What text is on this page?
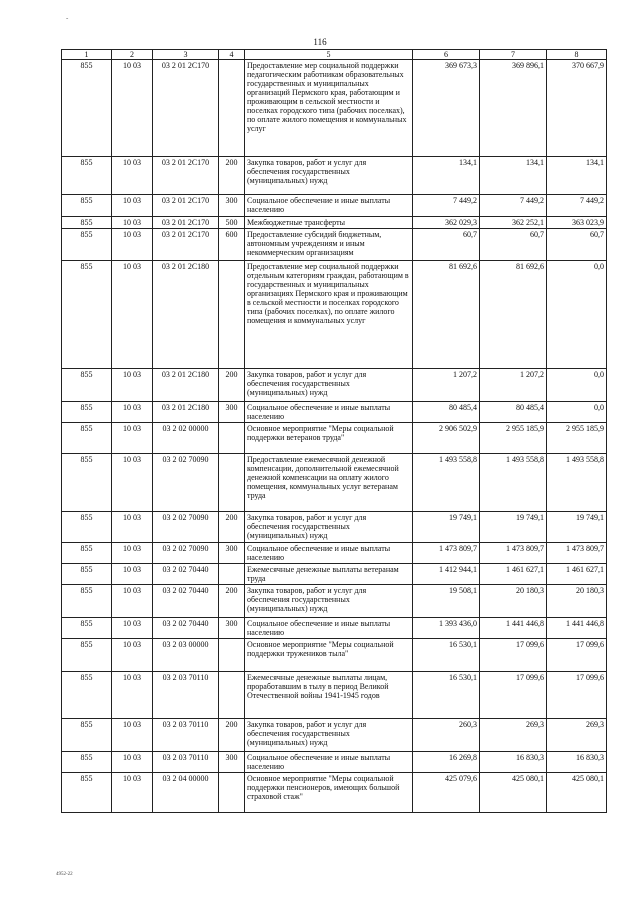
-
116
1	2	3	4	5	6	7	8
855	10 03	03 2 01 2С170		Предоставление мер социальной поддержки педагогическим работникам образовательных государственных и муниципальных организаций Пермского края, работающим и проживающим в сельской местности и поселках городского типа (рабочих поселках), по оплате жилого помещения и коммунальных услуг	369 673,3	369 896,1	370 667,9
855	10 03	03 2 01 2С170	200	Закупка товаров, работ и услуг для обеспечения государственных (муниципальных) нужд	134,1	134,1	134,1
855	10 03	03 2 01 2С170	300	Социальное обеспечение и иные выплаты населению	7 449,2	7 449,2	7 449,2
855	10 03	03 2 01 2С170	500	Межбюджетные трансферты	362 029,3	362 252,1	363 023,9
855	10 03	03 2 01 2С170	600	Предоставление субсидий бюджетным, автономным учреждениям и иным некоммерческим организациям	60,7	60,7	60,7
855	10 03	03 2 01 2С180		Предоставление мер социальной поддержки отдельным категориям граждан, работающим в государственных и муниципальных организациях Пермского края и проживающим в сельской местности и поселках городского типа (рабочих поселках), по оплате жилого помещения и коммунальных услуг	81 692,6	81 692,6	0,0
855	10 03	03 2 01 2С180	200	Закупка товаров, работ и услуг для обеспечения государственных (муниципальных) нужд	1 207,2	1 207,2	0,0
855	10 03	03 2 01 2С180	300	Социальное обеспечение и иные выплаты населению	80 485,4	80 485,4	0,0
855	10 03	03 2 02 00000		Основное мероприятие "Меры социальной поддержки ветеранов труда"	2 906 502,9	2 955 185,9	2 955 185,9
855	10 03	03 2 02 70090		Предоставление ежемесячной денежной компенсации, дополнительной ежемесячной денежной компенсации на оплату жилого помещения, коммунальных услуг ветеранам труда	1 493 558,8	1 493 558,8	1 493 558,8
855	10 03	03 2 02 70090	200	Закупка товаров, работ и услуг для обеспечения государственных (муниципальных) нужд	19 749,1	19 749,1	19 749,1
855	10 03	03 2 02 70090	300	Социальное обеспечение и иные выплаты населению	1 473 809,7	1 473 809,7	1 473 809,7
855	10 03	03 2 02 70440		Ежемесячные денежные выплаты ветеранам труда	1 412 944,1	1 461 627,1	1 461 627,1
855	10 03	03 2 02 70440	200	Закупка товаров, работ и услуг для обеспечения государственных (муниципальных) нужд	19 508,1	20 180,3	20 180,3
855	10 03	03 2 02 70440	300	Социальное обеспечение и иные выплаты населению	1 393 436,0	1 441 446,8	1 441 446,8
855	10 03	03 2 03 00000		Основное мероприятие "Меры социальной поддержки тружеников тыла"	16 530,1	17 099,6	17 099,6
855	10 03	03 2 03 70110		Ежемесячные денежные выплаты лицам, проработавшим в тылу в период Великой Отечественной войны 1941-1945 годов	16 530,1	17 099,6	17 099,6
855	10 03	03 2 03 70110	200	Закупка товаров, работ и услуг для обеспечения государственных (муниципальных) нужд	260,3	269,3	269,3
855	10 03	03 2 03 70110	300	Социальное обеспечение и иные выплаты населению	16 269,8	16 830,3	16 830,3
855	10 03	03 2 04 00000		Основное мероприятие "Меры социальной поддержки пенсионеров, имеющих большой страховой стаж"	425 079,6	425 080,1	425 080,1
4952-22
